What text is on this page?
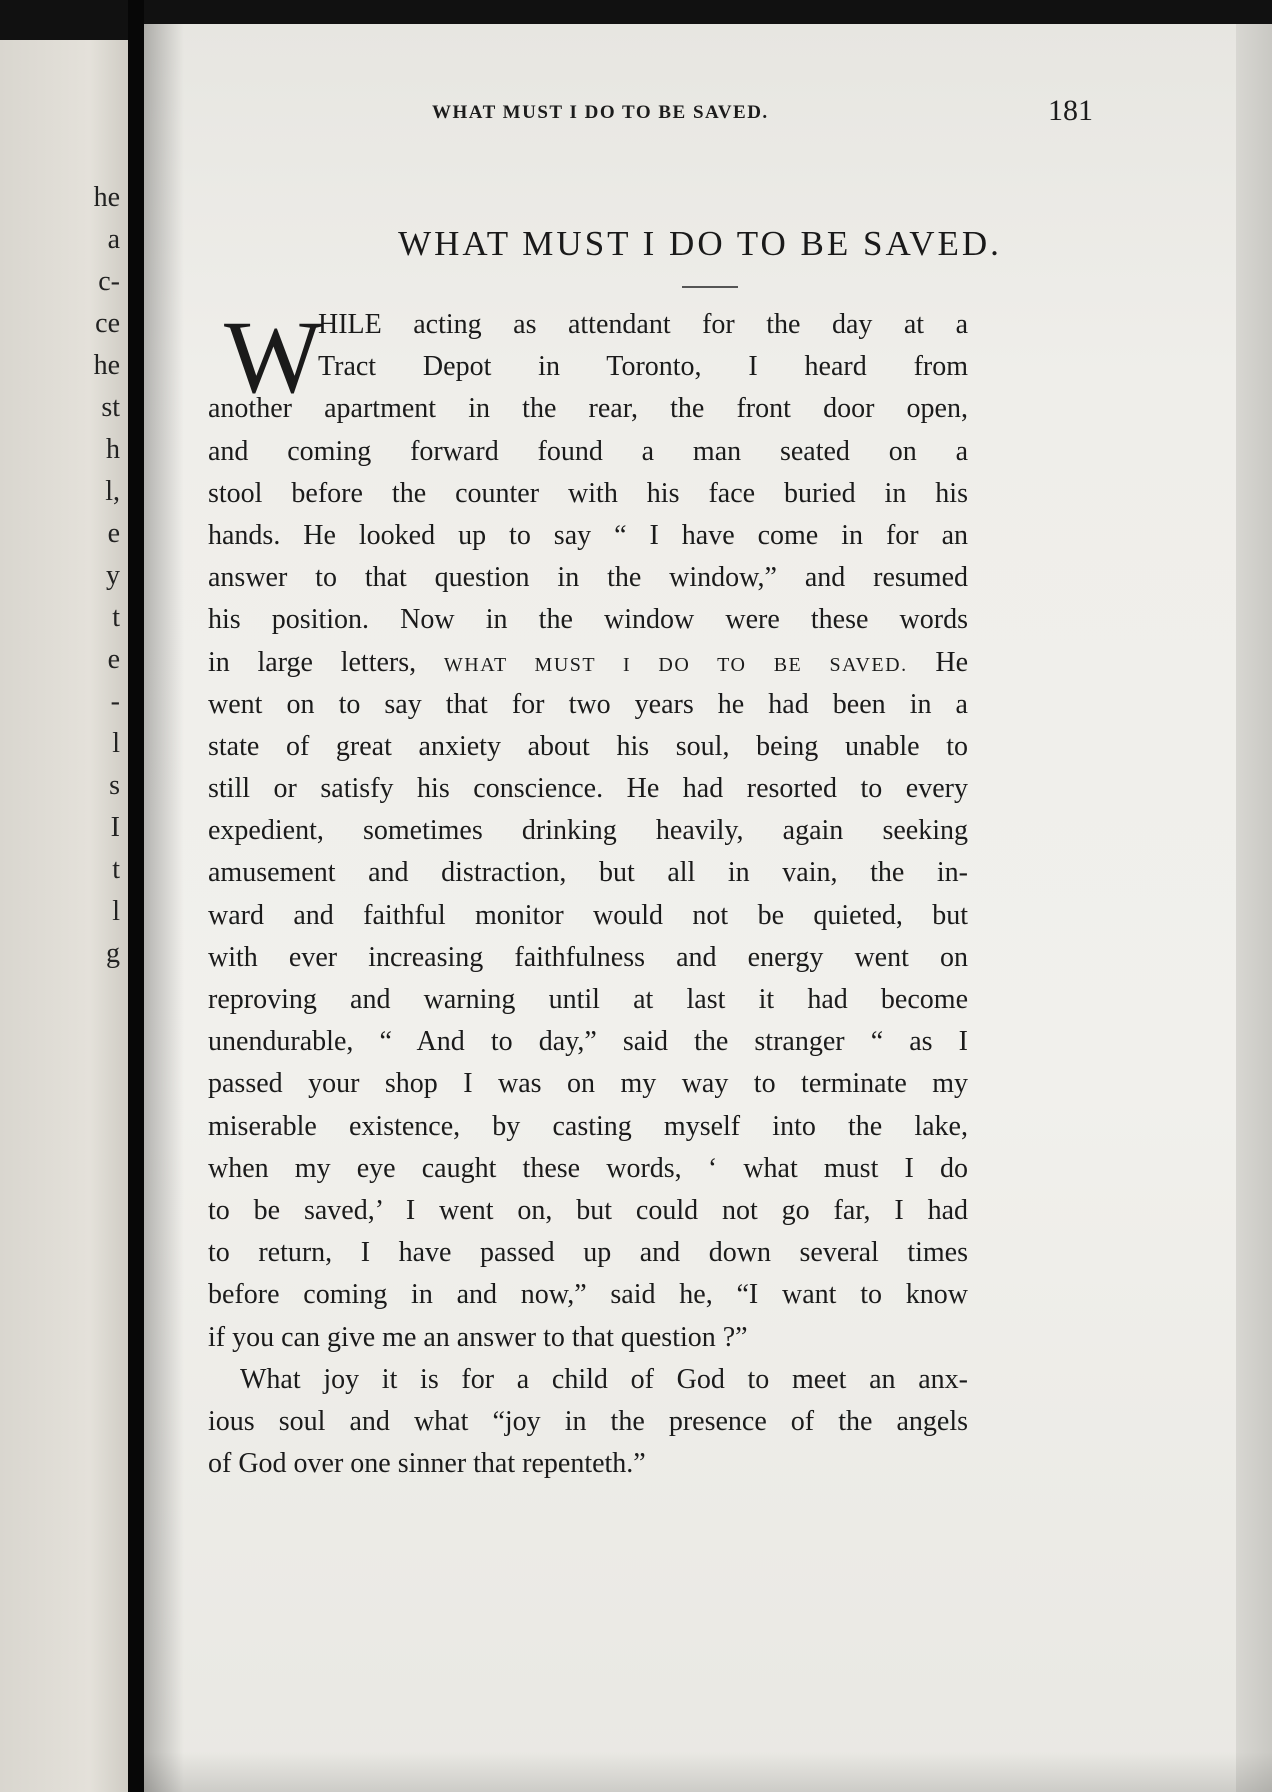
he
a
c-
ce
he
st
h
l,
e
y
t
e
-
l
s
I
t
l
g
WHAT MUST I DO TO BE SAVED.	181
WHAT MUST I DO TO BE SAVED.
W
HILE acting as attendant for the day at a
Tract Depot in Toronto, I heard from
another apartment in the rear, the front door open,
and coming forward found a man seated on a
stool before the counter with his face buried in his
hands. He looked up to say “ I have come in for an
answer to that question in the window,” and resumed
his position. Now in the window were these words
in large letters, WHAT MUST I DO TO BE SAVED. He
went on to say that for two years he had been in a
state of great anxiety about his soul, being unable to
still or satisfy his conscience. He had resorted to every
expedient, sometimes drinking heavily, again seeking
amusement and distraction, but all in vain, the in-
ward and faithful monitor would not be quieted, but
with ever increasing faithfulness and energy went on
reproving and warning until at last it had become
unendurable, “ And to day,” said the stranger “ as I
passed your shop I was on my way to terminate my
miserable existence, by casting myself into the lake,
when my eye caught these words, ‘ what must I do
to be saved,’ I went on, but could not go far, I had
to return, I have passed up and down several times
before coming in and now,” said he, “I want to know
if you can give me an answer to that question ?”
What joy it is for a child of God to meet an anx-
ious soul and what “joy in the presence of the angels
of God over one sinner that repenteth.”
